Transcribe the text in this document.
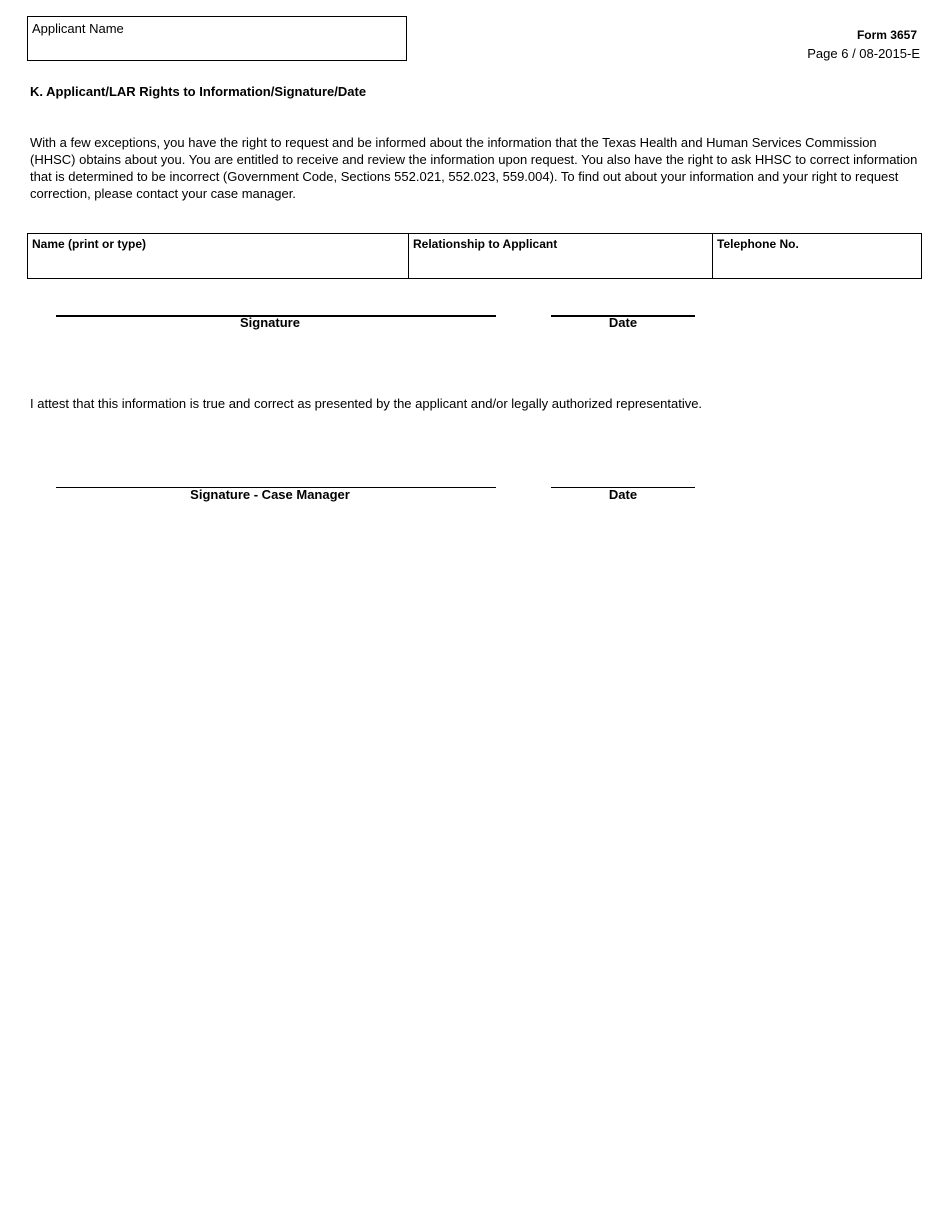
Applicant Name	Form 3657
Page 6 / 08-2015-E
K. Applicant/LAR Rights to Information/Signature/Date
With a few exceptions, you have the right to request and be informed about the information that the Texas Health and Human Services Commission (HHSC) obtains about you. You are entitled to receive and review the information upon request. You also have the right to ask HHSC to correct information that is determined to be incorrect (Government Code, Sections 552.021, 552.023, 559.004). To find out about your information and your right to request correction, please contact your case manager.
Name (print or type)	Relationship to Applicant	Telephone No.
Signature	Date
I attest that this information is true and correct as presented by the applicant and/or legally authorized representative.
Signature - Case Manager	Date
